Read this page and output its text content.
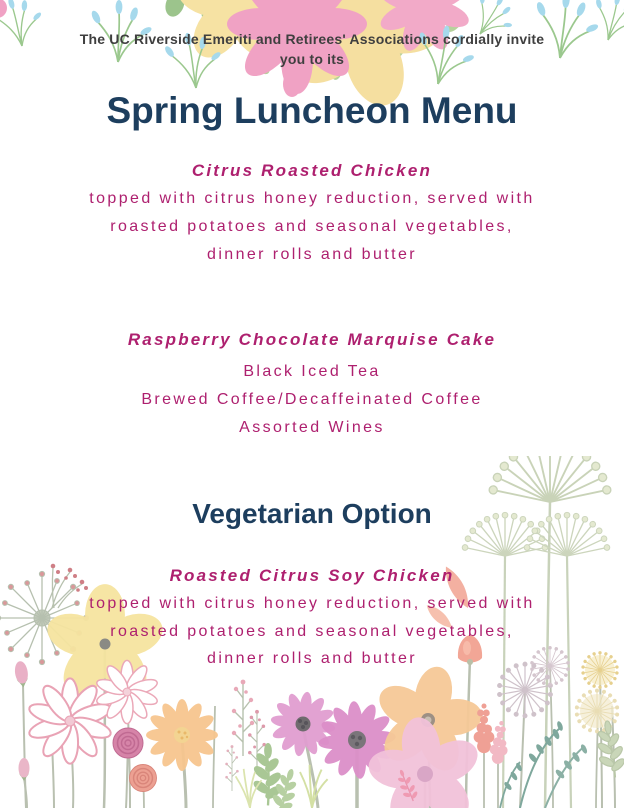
The UC Riverside Emeriti and Retirees' Associations cordially invite
you to its
Spring Luncheon Menu
Citrus Roasted Chicken
topped with citrus honey reduction, served with
roasted potatoes and seasonal vegetables,
dinner rolls and butter
Raspberry Chocolate Marquise Cake
Black Iced Tea
Brewed Coffee/Decaffeinated Coffee
Assorted Wines
Vegetarian Option
Roasted Citrus Soy Chicken
topped with citrus honey reduction, served with
roasted potatoes and seasonal vegetables,
dinner rolls and butter
